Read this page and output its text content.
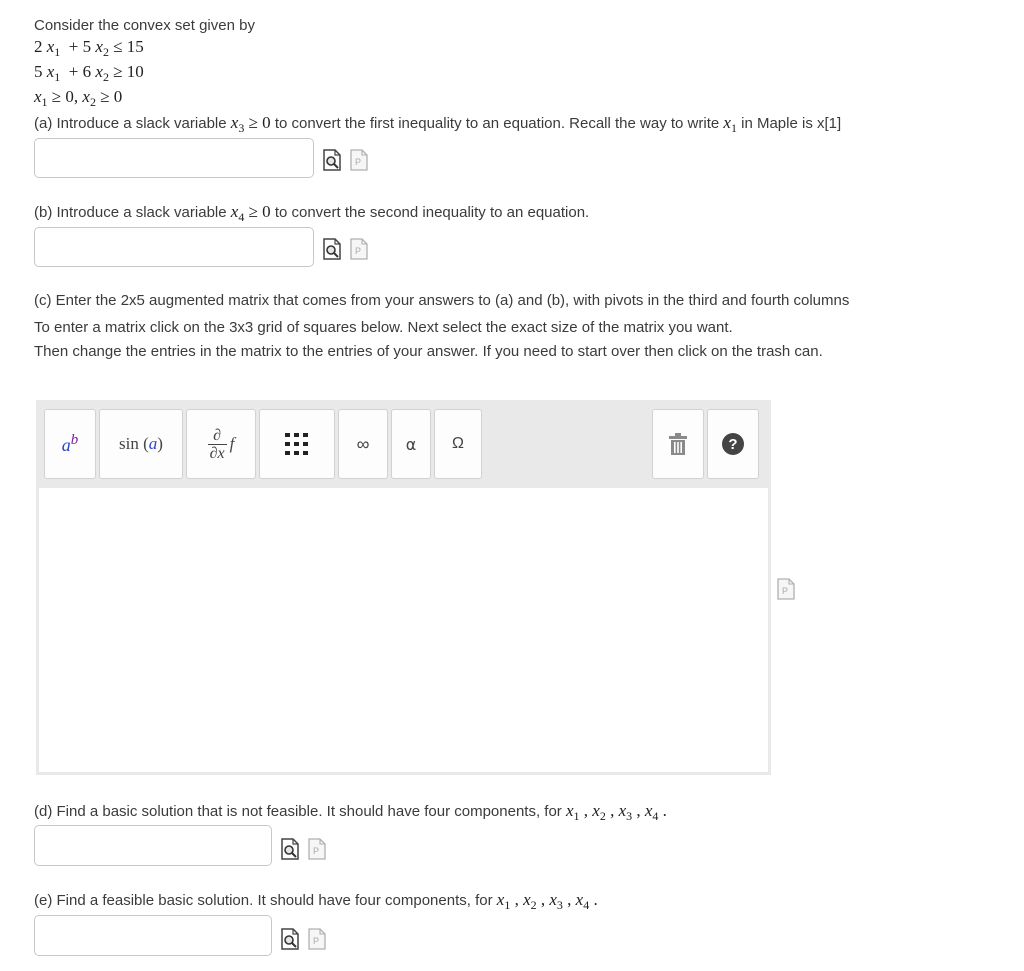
Consider the convex set given by
2 $x_1 + 5$ $x_2 \le 15$
5 $x_1 + 6$ $x_2 \ge 10$
$x_1 \ge 0$, $x_2 \ge 0$
(a) Introduce a slack variable $x_3 \ge 0$ to convert the first inequality to an equation. Recall the way to write $x_1$ in Maple is x[1]
P
(b) Introduce a slack variable $x_4 \ge 0$ to convert the second inequality to an equation.
P
(c) Enter the 2x5 augmented matrix that comes from your answers to (a) and (b), with pivots in the third and fourth columns
To enter a matrix click on the 3x3 grid of squares below. Next select the exact size of the matrix you want.
Then change the entries in the matrix to the entries of your answer. If you need to start over then click on the trash can.
$a^b$ sin (a)	∂
∂x f	∞	α	Ω	?
P
(d) Find a basic solution that is not feasible. It should have four components, for $x_1$ , $x_2$ , $x_3$ , $x_4$ .
P
(e) Find a feasible basic solution. It should have four components, for $x_1$ , $x_2$ , $x_3$ , $x_4$ .
P
